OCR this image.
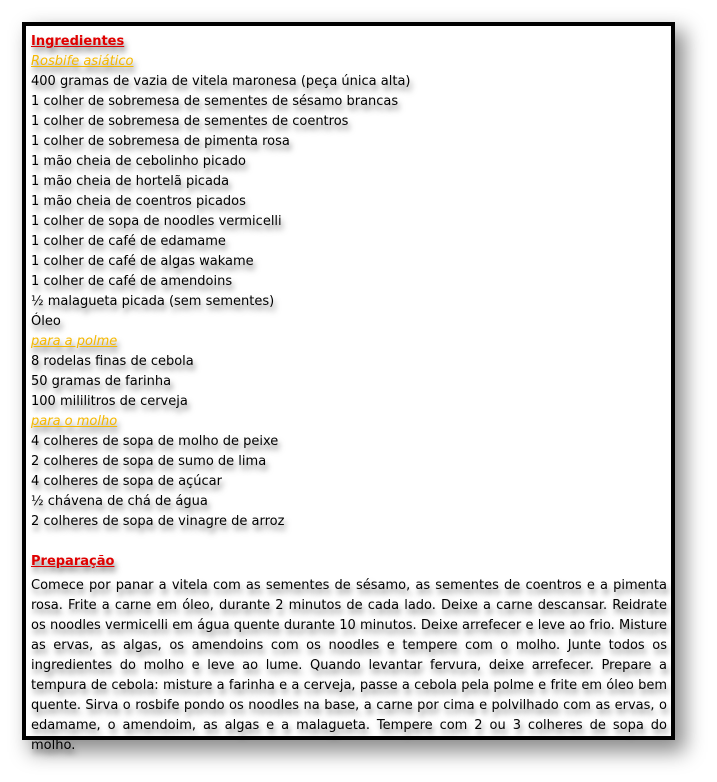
Ingredientes
Rosbife asiático
400 gramas de vazia de vitela maronesa (peça única alta)
1 colher de sobremesa de sementes de sésamo brancas
1 colher de sobremesa de sementes de coentros
1 colher de sobremesa de pimenta rosa
1 mão cheia de cebolinho picado
1 mão cheia de hortelã picada
1 mão cheia de coentros picados
1 colher de sopa de noodles vermicelli
1 colher de café de edamame
1 colher de café de algas wakame
1 colher de café de amendoins
½ malagueta picada (sem sementes)
Óleo
para a polme
8 rodelas finas de cebola
50 gramas de farinha
100 mililitros de cerveja
para o molho
4 colheres de sopa de molho de peixe
2 colheres de sopa de sumo de lima
4 colheres de sopa de açúcar
½ chávena de chá de água
2 colheres de sopa de vinagre de arroz
Preparação
Comece por panar a vitela com as sementes de sésamo, as sementes de coentros e a pimenta rosa. Frite a carne em óleo, durante 2 minutos de cada lado. Deixe a carne descansar. Reidrate os noodles vermicelli em água quente durante 10 minutos. Deixe arrefecer e leve ao frio. Misture as ervas, as algas, os amendoins com os noodles e tempere com o molho. Junte todos os ingredientes do molho e leve ao lume. Quando levantar fervura, deixe arrefecer. Prepare a tempura de cebola: misture a farinha e a cerveja, passe a cebola pela polme e frite em óleo bem quente. Sirva o rosbife pondo os noodles na base, a carne por cima e polvilhado com as ervas, o edamame, o amendoim, as algas e a malagueta. Tempere com 2 ou 3 colheres de sopa do molho.
